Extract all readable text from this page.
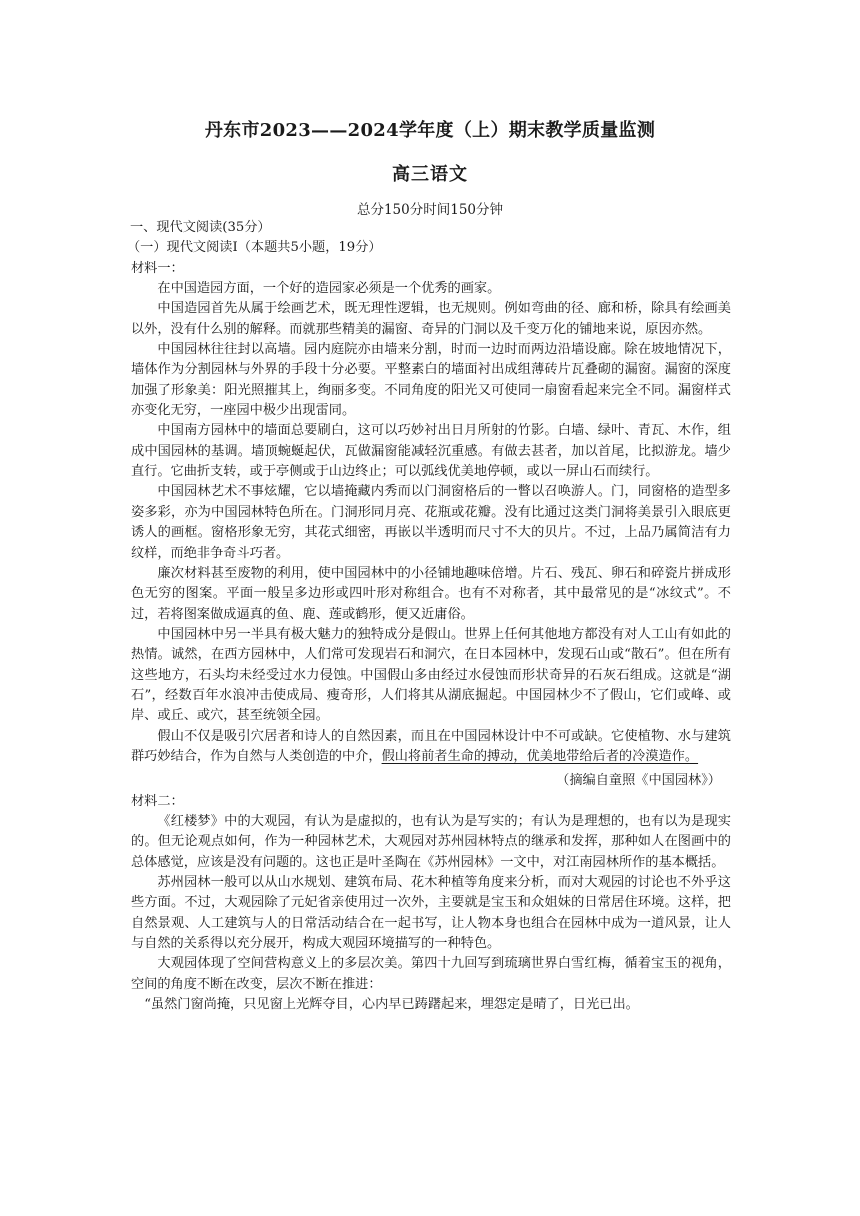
丹东市2023——2024学年度（上）期末教学质量监测
高三语文
总分150分时间150分钟
一、现代文阅读(35分）
（一）现代文阅读Ⅰ（本题共5小题，19分）
材料一：

在中国造园方面，一个好的造园家必须是一个优秀的画家。

中国造园首先从属于绘画艺术，既无理性逻辑，也无规则。例如弯曲的径、廊和桥，除具有绘画美以外，没有什么别的解释。而就那些精美的漏窗、奇异的门洞以及千变万化的铺地来说，原因亦然。

中国园林往往封以高墙。园内庭院亦由墙来分割，时而一边时而两边沿墙设廊。除在坡地情况下，墙体作为分割园林与外界的手段十分必要。平整素白的墙面衬出成组薄砖片瓦叠砌的漏窗。漏窗的深度加强了形象美：阳光照摧其上，绚丽多变。不同角度的阳光又可使同一扇窗看起来完全不同。漏窗样式亦变化无穷，一座园中极少出现雷同。

中国南方园林中的墙面总要刷白，这可以巧妙衬出日月所射的竹影。白墙、绿叶、青瓦、木作，组成中国园林的基调。墙顶蜿蜒起伏，瓦做漏窗能减轻沉重感。有做去甚者，加以首尾，比拟游龙。墙少直行。它曲折支转，或于亭侧或于山边终止；可以弧线优美地停顿，或以一屏山石而续行。

中国园林艺术不事炫耀，它以墙掩藏内秀而以门洞窗格后的一瞥以召唤游人。门，同窗格的造型多姿多彩，亦为中国园林特色所在。门洞形同月亮、花瓶或花瓣。没有比通过这类门洞将美景引入眼底更诱人的画框。窗格形象无穷，其花式细密，再嵌以半透明而尺寸不大的贝片。不过，上品乃属简洁有力纹样，而绝非争奇斗巧者。

廉次材料甚至废物的利用，使中国园林中的小径铺地趣味倍增。片石、残瓦、卵石和碎瓷片拼成形色无穷的图案。平面一般呈多边形或四叶形对称组合。也有不对称者，其中最常见的是“冰纹式”。不过，若将图案做成逼真的鱼、鹿、莲或鹤形，便又近庸俗。

中国园林中另一半具有极大魅力的独特成分是假山。世界上任何其他地方都没有对人工山有如此的热情。诚然，在西方园林中，人们常可发现岩石和洞穴，在日本园林中，发现石山或“散石”。但在所有这些地方，石头均未经受过水力侵蚀。中国假山多由经过水侵蚀而形状奇异的石灰石组成。这就是“湖石”，经数百年水浪冲击使成局、瘦奇形，人们将其从湖底掘起。中国园林少不了假山，它们或峰、或岸、或丘、或穴，甚至统领全园。

假山不仅是吸引穴居者和诗人的自然因素，而且在中国园林设计中不可或缺。它使植物、水与建筑群巧妙结合，作为自然与人类创造的中介，假山将前者生命的搏动，优美地带给后者的冷漠造作。

（摘编自童照《中国园林》）
材料二：

《红楼梦》中的大观园，有认为是虚拟的，也有认为是写实的；有认为是理想的，也有以为是现实的。但无论观点如何，作为一种园林艺术，大观园对苏州园林特点的继承和发挥，那种如人在图画中的总体感觉，应该是没有问题的。这也正是叶圣陶在《苏州园林》一文中，对江南园林所作的基本概括。

苏州园林一般可以从山水规划、建筑布局、花木种植等角度来分析，而对大观园的讨论也不外乎这些方面。不过，大观园除了元妃省亲使用过一次外，主要就是宝玉和众姐妹的日常居住环境。这样，把自然景观、人工建筑与人的日常活动结合在一起书写，让人物本身也组合在园林中成为一道风景，让人与自然的关系得以充分展开，构成大观园环境描写的一种特色。

大观园体现了空间营构意义上的多层次美。第四十九回写到琉璃世界白雪红梅，循着宝玉的视角，空间的角度不断在改变，层次不断在推进：

“虽然门窗尚掩，只见窗上光辉夺目，心内早已踌躇起来，埋怨定是晴了，日光已出。
